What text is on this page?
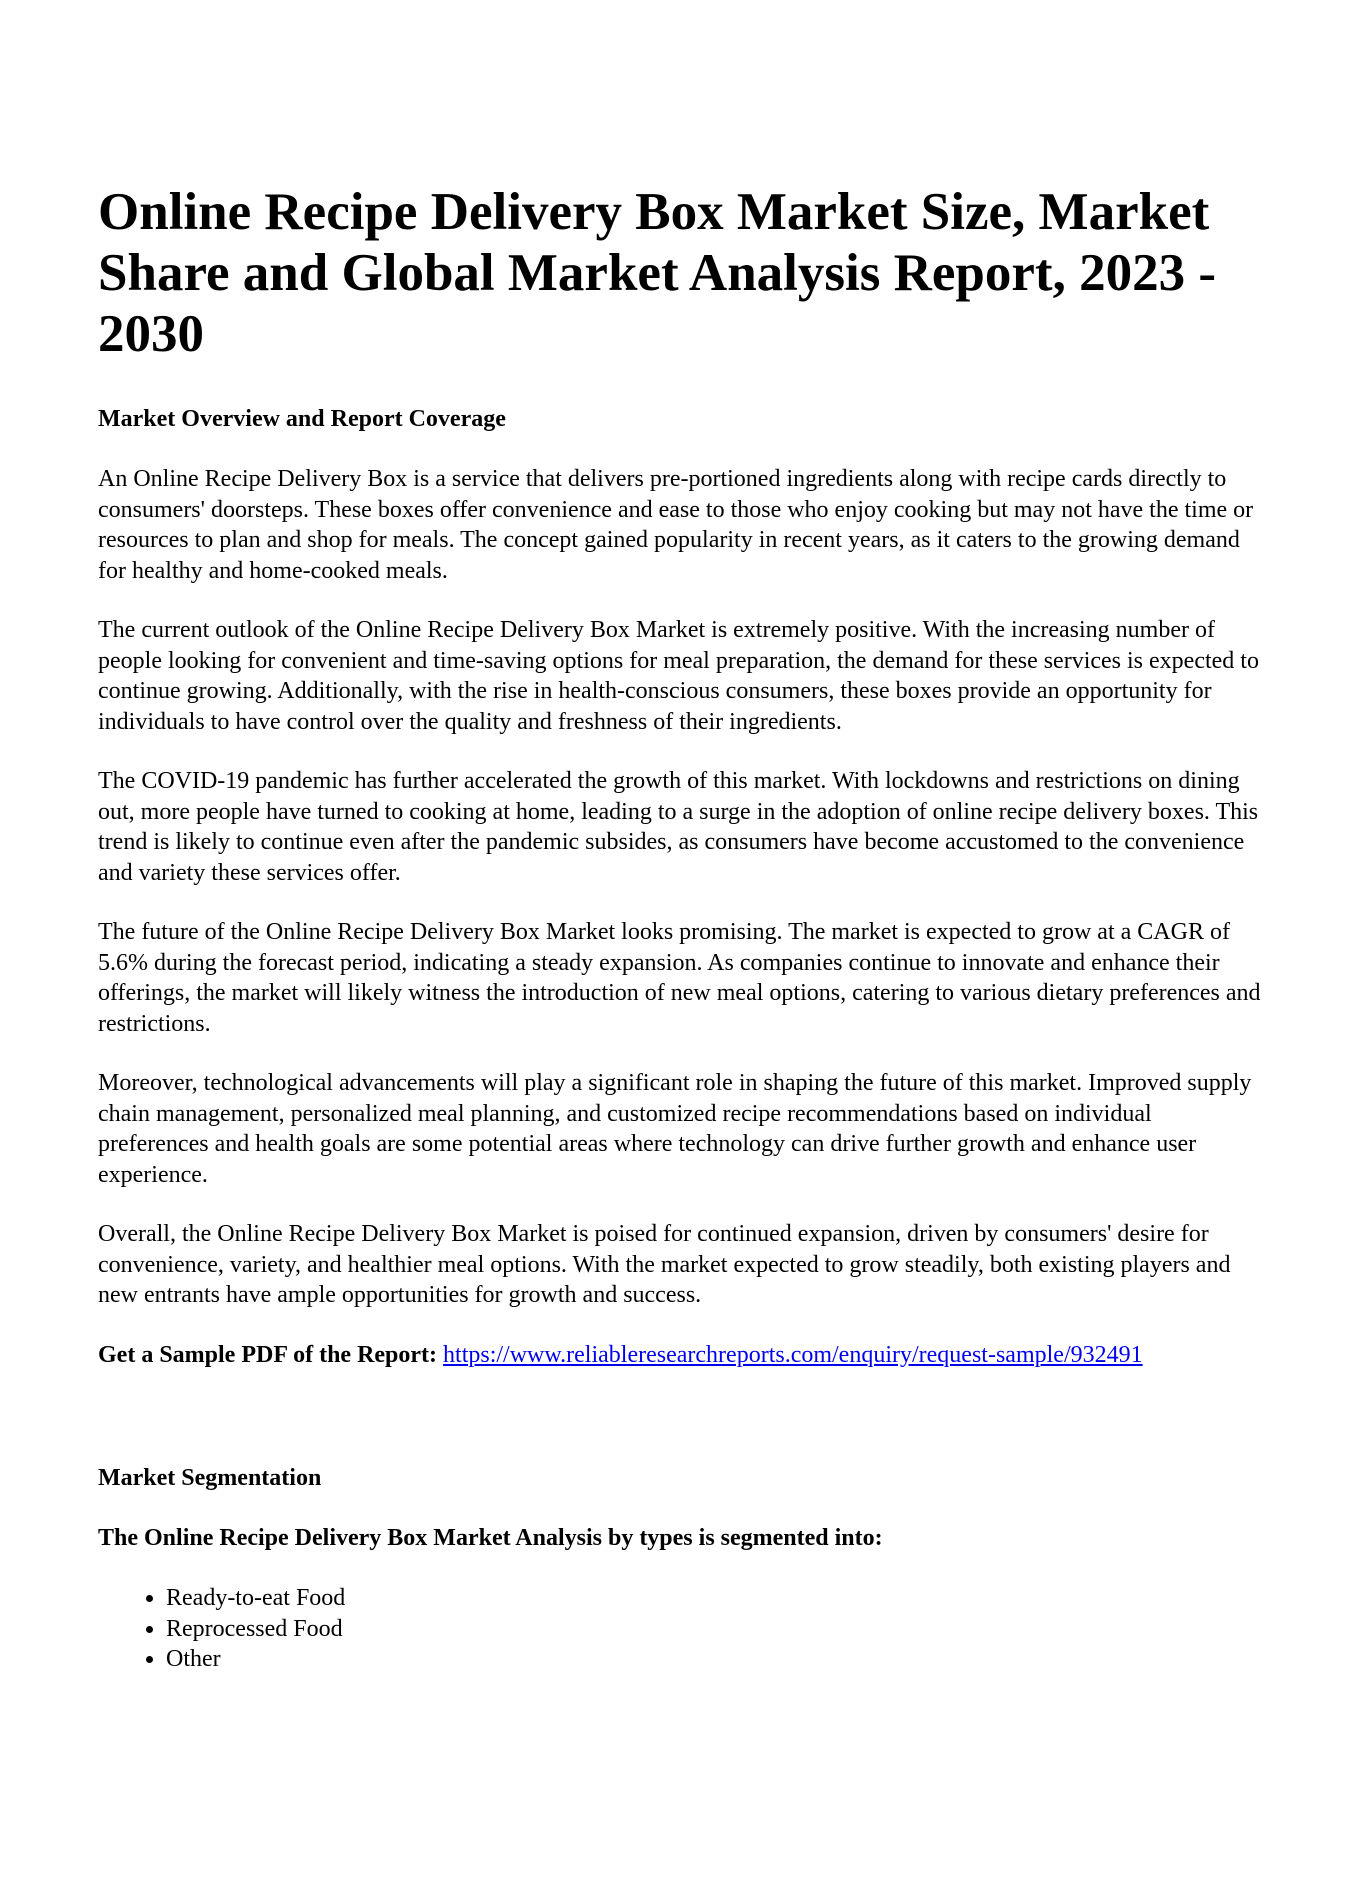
Online Recipe Delivery Box Market Size, Market Share and Global Market Analysis Report, 2023 - 2030
Market Overview and Report Coverage

An Online Recipe Delivery Box is a service that delivers pre-portioned ingredients along with recipe cards directly to consumers' doorsteps. These boxes offer convenience and ease to those who enjoy cooking but may not have the time or resources to plan and shop for meals. The concept gained popularity in recent years, as it caters to the growing demand for healthy and home-cooked meals.

The current outlook of the Online Recipe Delivery Box Market is extremely positive. With the increasing number of people looking for convenient and time-saving options for meal preparation, the demand for these services is expected to continue growing. Additionally, with the rise in health-conscious consumers, these boxes provide an opportunity for individuals to have control over the quality and freshness of their ingredients.

The COVID-19 pandemic has further accelerated the growth of this market. With lockdowns and restrictions on dining out, more people have turned to cooking at home, leading to a surge in the adoption of online recipe delivery boxes. This trend is likely to continue even after the pandemic subsides, as consumers have become accustomed to the convenience and variety these services offer.

The future of the Online Recipe Delivery Box Market looks promising. The market is expected to grow at a CAGR of 5.6% during the forecast period, indicating a steady expansion. As companies continue to innovate and enhance their offerings, the market will likely witness the introduction of new meal options, catering to various dietary preferences and restrictions.

Moreover, technological advancements will play a significant role in shaping the future of this market. Improved supply chain management, personalized meal planning, and customized recipe recommendations based on individual preferences and health goals are some potential areas where technology can drive further growth and enhance user experience.

Overall, the Online Recipe Delivery Box Market is poised for continued expansion, driven by consumers' desire for convenience, variety, and healthier meal options. With the market expected to grow steadily, both existing players and new entrants have ample opportunities for growth and success.

Get a Sample PDF of the Report: https://www.reliableresearchreports.com/enquiry/request-sample/932491

Market Segmentation
The Online Recipe Delivery Box Market Analysis by types is segmented into:
• Ready-to-eat Food
• Reprocessed Food
• Other
